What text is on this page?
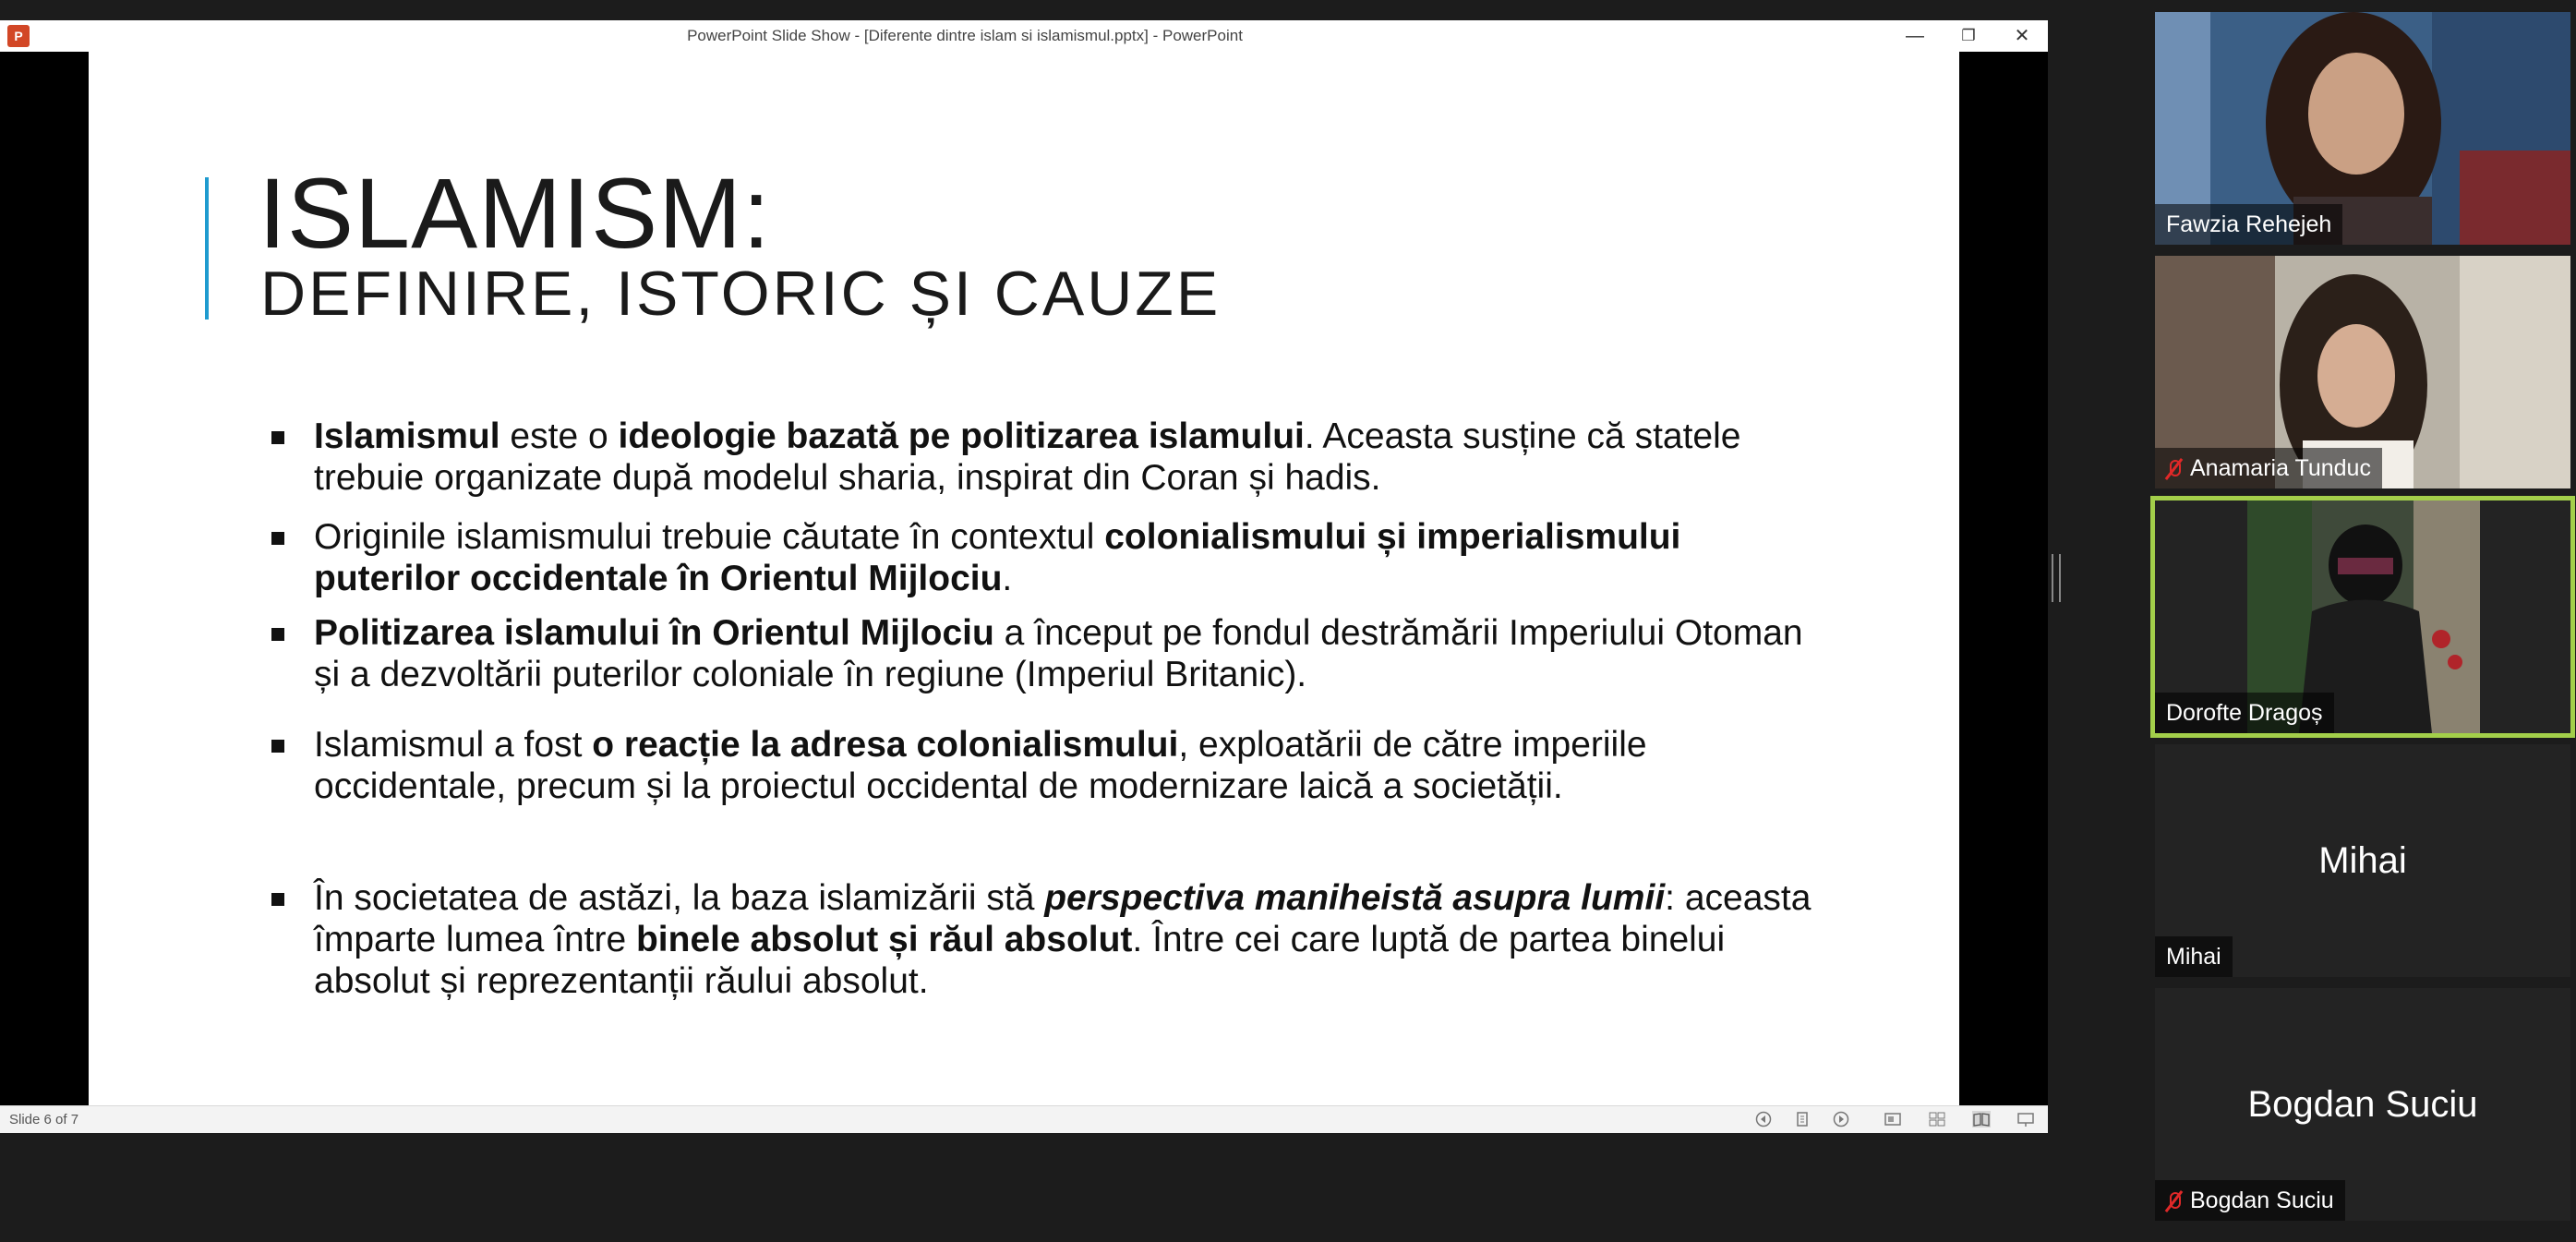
P	PowerPoint Slide Show - [Diferente dintre islam si islamismul.pptx] - PowerPoint	—	❐	✕
ISLAMISM:
DEFINIRE, ISTORIC ȘI CAUZE
Islamismul este o ideologie bazată pe politizarea islamului. Aceasta susține că statele trebuie organizate după modelul sharia, inspirat din Coran și hadis.
Originile islamismului trebuie căutate în contextul colonialismului și imperialismului puterilor occidentale în Orientul Mijlociu.
Politizarea islamului în Orientul Mijlociu a început pe fondul destrămării Imperiului Otoman și a dezvoltării puterilor coloniale în regiune (Imperiul Britanic).
Islamismul a fost o reacție la adresa colonialismului, exploatării de către imperiile occidentale, precum și la proiectul occidental de modernizare laică a societății.
În societatea de astăzi, la baza islamizării stă perspectiva maniheistă asupra lumii: aceasta împarte lumea între binele absolut și răul absolut. Între cei care luptă de partea binelui absolut și reprezentanții răului absolut.
Slide 6 of 7
Fawzia Rehejeh
Anamaria Tunduc
Dorofte Dragoș
Mihai
Mihai
Bogdan Suciu
Bogdan Suciu
